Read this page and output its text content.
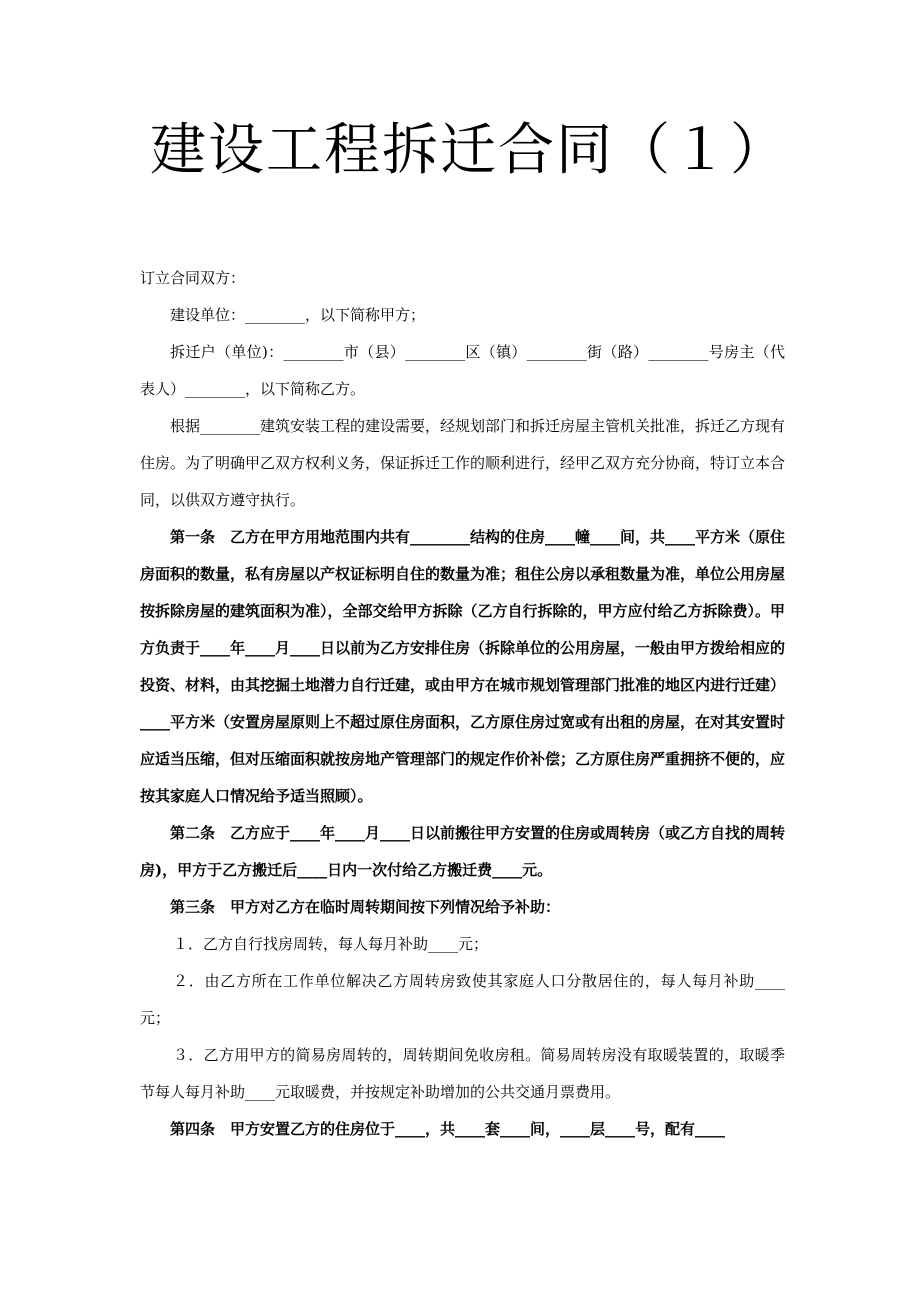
建设工程拆迁合同（１）

订立合同双方：

建设单位：________，以下简称甲方；

拆迁户（单位)：________市（县）________区（镇）________街（路）________号房主（代表人）________，以下简称乙方。

根据________建筑安装工程的建设需要，经规划部门和拆迁房屋主管机关批准，拆迁乙方现有住房。为了明确甲乙双方权利义务，保证拆迁工作的顺利进行，经甲乙双方充分协商，特订立本合同，以供双方遵守执行。

第一条　乙方在甲方用地范围内共有________结构的住房____幢____间，共____平方米（原住房面积的数量，私有房屋以产权证标明自住的数量为准；租住公房以承租数量为准，单位公用房屋按拆除房屋的建筑面积为准），全部交给甲方拆除（乙方自行拆除的，甲方应付给乙方拆除费）。甲方负责于____年____月____日以前为乙方安排住房（拆除单位的公用房屋，一般由甲方拨给相应的投资、材料，由其挖掘土地潜力自行迁建，或由甲方在城市规划管理部门批准的地区内进行迁建）____平方米（安置房屋原则上不超过原住房面积，乙方原住房过宽或有出租的房屋，在对其安置时应适当压缩，但对压缩面积就按房地产管理部门的规定作价补偿；乙方原住房严重拥挤不便的，应按其家庭人口情况给予适当照顾）。

第二条　乙方应于____年____月____日以前搬往甲方安置的住房或周转房（或乙方自找的周转房)，甲方于乙方搬迁后____日内一次付给乙方搬迁费____元。

第三条　甲方对乙方在临时周转期间按下列情况给予补助：

１．乙方自行找房周转，每人每月补助____元；

２．由乙方所在工作单位解决乙方周转房致使其家庭人口分散居住的，每人每月补助____元；

３．乙方用甲方的简易房周转的，周转期间免收房租。简易周转房没有取暖装置的，取暖季节每人每月补助____元取暖费，并按规定补助增加的公共交通月票费用。

第四条　甲方安置乙方的住房位于____，共____套____间，____层____号，配有____
